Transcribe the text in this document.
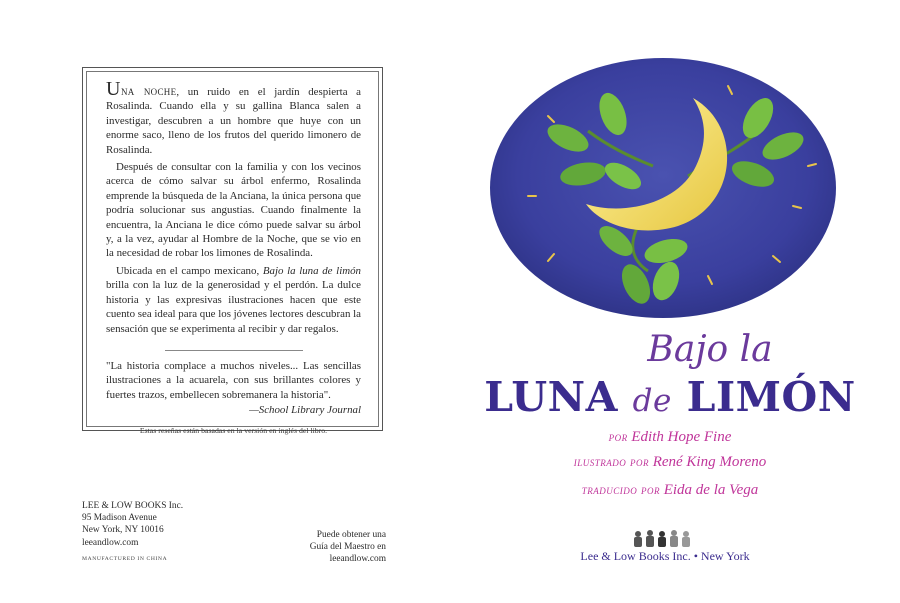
Una noche, un ruido en el jardín despierta a Rosalinda. Cuando ella y su gallina Blanca salen a investigar, descubren a un hombre que huye con un enorme saco, lleno de los frutos del querido limonero de Rosalinda.

Después de consultar con la familia y con los vecinos acerca de cómo salvar su árbol enfermo, Rosalinda emprende la búsqueda de la Anciana, la única persona que podría solucionar sus angustias. Cuando finalmente la encuentra, la Anciana le dice cómo puede salvar su árbol y, a la vez, ayudar al Hombre de la Noche, que se vio en la necesidad de robar los limones de Rosalinda.

Ubicada en el campo mexicano, Bajo la luna de limón brilla con la luz de la generosidad y el perdón. La dulce historia y las expresivas ilustraciones hacen que este cuento sea ideal para que los jóvenes lectores descubran la sensación que se experimenta al recibir y dar regalos.

"La historia complace a muchos niveles... Las sencillas ilustraciones a la acuarela, con sus brillantes colores y fuertes trazos, embellecen sobremanera la historia".
—School Library Journal
Estas reseñas están basadas en la versión en inglés del libro.
LEE & LOW BOOKS Inc.
95 Madison Avenue
New York, NY 10016
leeandlow.com
MANUFACTURED IN CHINA
Puede obtener una
Guía del Maestro en
leeandlow.com
Bajo la
LUNA de LIMÓN
por Edith Hope Fine
ilustrado por René King Moreno
traducido por Eida de la Vega
Lee & Low Books Inc. • New York
